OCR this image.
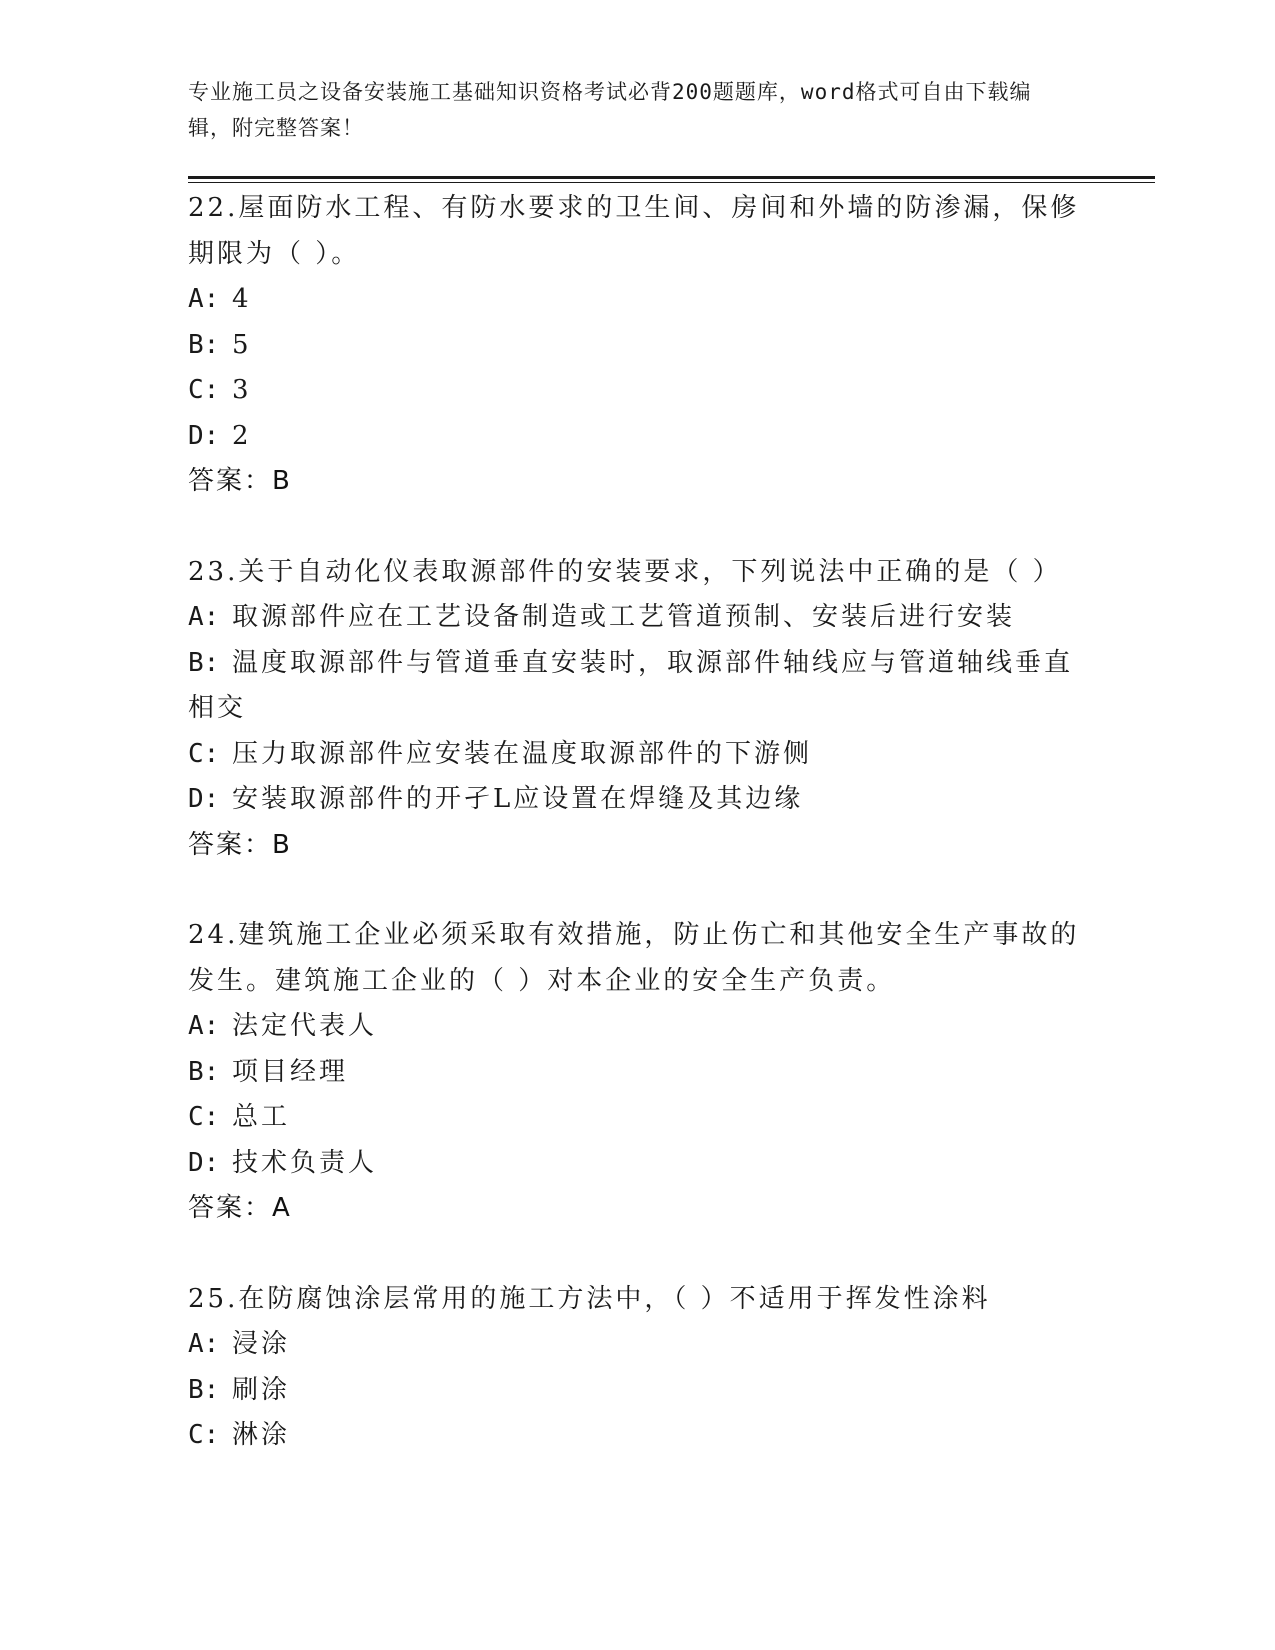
专业施工员之设备安装施工基础知识资格考试必背200题题库，word格式可自由下载编辑，附完整答案！
22.屋面防水工程、有防水要求的卫生间、房间和外墙的防渗漏，保修期限为（ ）。
A: 4
B: 5
C: 3
D: 2
答案：B
23.关于自动化仪表取源部件的安装要求，下列说法中正确的是（ ）
A: 取源部件应在工艺设备制造或工艺管道预制、安装后进行安装
B: 温度取源部件与管道垂直安装时，取源部件轴线应与管道轴线垂直相交
C: 压力取源部件应安装在温度取源部件的下游侧
D: 安装取源部件的开孑L应设置在焊缝及其边缘
答案：B
24.建筑施工企业必须采取有效措施，防止伤亡和其他安全生产事故的发生。建筑施工企业的（ ）对本企业的安全生产负责。
A: 法定代表人
B: 项目经理
C: 总工
D: 技术负责人
答案：A
25.在防腐蚀涂层常用的施工方法中，（ ）不适用于挥发性涂料
A: 浸涂
B: 刷涂
C: 淋涂
